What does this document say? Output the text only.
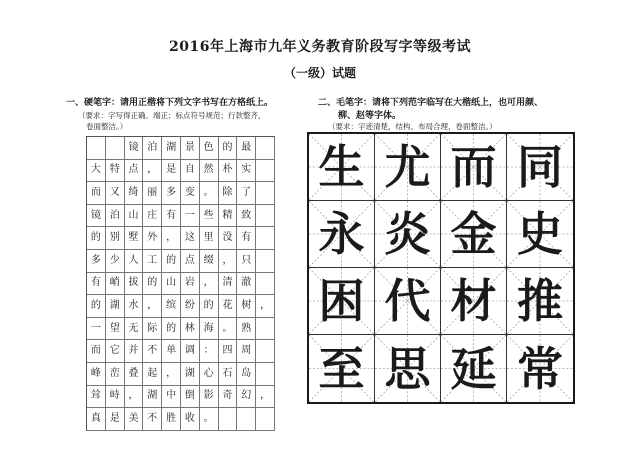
2016年上海市九年义务教育阶段写字等级考试
（一级）试题
一、硬笔字：请用正楷将下列文字书写在方格纸上。
（要求：字写得正确、端正；标点符号规范；行款整齐，
卷面整洁。）
镜 泊 湖 景 色 的 最
大 特 点 ， 是 自 然 朴 实
而 又 绮 丽 多 变 。 除 了
镜 泊 山 庄 有 一 些 精 致
的 别 墅 外 ， 这 里 没 有
多 少 人 工 的 点 缀 ， 只
有 峭 拔 的 山 岩 ， 清 澈
的 湖 水 ， 缤 纷 的 花 树 ，
一 望 无 际 的 林 海 。 熟
而 它 并 不 单 调 ： 四 周
峰 峦 叠 起 ， 湖 心 石 岛
耸 峙 ， 湖 中 倒 影 奇 幻 ，
真 是 美 不 胜 收 。
二、毛笔字：请将下列范字临写在大楷纸上，也可用颜、
柳、赵等字体。
（要求：字迹清楚，结构、布局合理，卷面整洁。）
生 尤 而 同
永 炎 金 史
困 代 材 推
至 思 延 常
